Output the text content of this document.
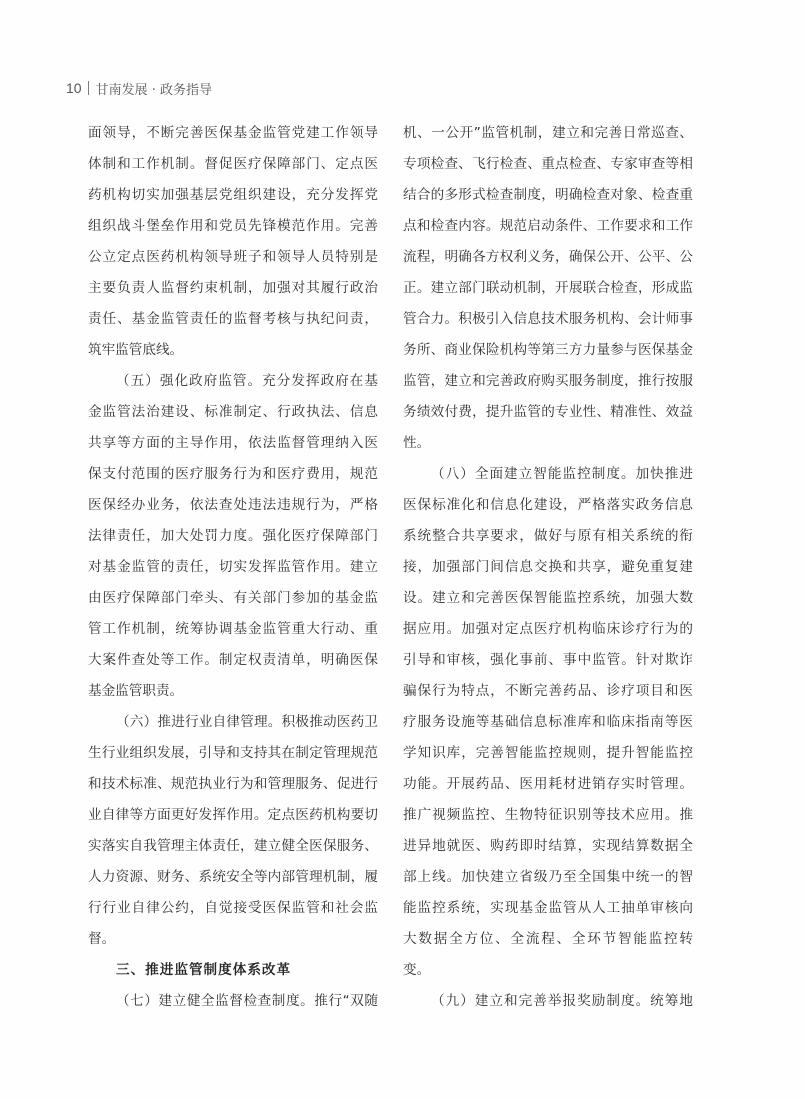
10 甘南发展 · 政务指导
面领导，不断完善医保基金监管党建工作领导
体制和工作机制。督促医疗保障部门、定点医
药机构切实加强基层党组织建设，充分发挥党
组织战斗堡垒作用和党员先锋模范作用。完善
公立定点医药机构领导班子和领导人员特别是
主要负责人监督约束机制，加强对其履行政治
责任、基金监管责任的监督考核与执纪问责，
筑牢监管底线。
（五）强化政府监管。充分发挥政府在基
金监管法治建设、标准制定、行政执法、信息
共享等方面的主导作用，依法监督管理纳入医
保支付范围的医疗服务行为和医疗费用，规范
医保经办业务，依法查处违法违规行为，严格
法律责任，加大处罚力度。强化医疗保障部门
对基金监管的责任，切实发挥监管作用。建立
由医疗保障部门牵头、有关部门参加的基金监
管工作机制，统筹协调基金监管重大行动、重
大案件查处等工作。制定权责清单，明确医保
基金监管职责。
（六）推进行业自律管理。积极推动医药卫
生行业组织发展，引导和支持其在制定管理规范
和技术标准、规范执业行为和管理服务、促进行
业自律等方面更好发挥作用。定点医药机构要切
实落实自我管理主体责任，建立健全医保服务、
人力资源、财务、系统安全等内部管理机制，履
行行业自律公约，自觉接受医保监管和社会监
督。
三、推进监管制度体系改革
（七）建立健全监督检查制度。推行“双随
机、一公开”监管机制，建立和完善日常巡查、
专项检查、飞行检查、重点检查、专家审查等相
结合的多形式检查制度，明确检查对象、检查重
点和检查内容。规范启动条件、工作要求和工作
流程，明确各方权利义务，确保公开、公平、公
正。建立部门联动机制，开展联合检查，形成监
管合力。积极引入信息技术服务机构、会计师事
务所、商业保险机构等第三方力量参与医保基金
监管，建立和完善政府购买服务制度，推行按服
务绩效付费，提升监管的专业性、精准性、效益
性。
（八）全面建立智能监控制度。加快推进
医保标准化和信息化建设，严格落实政务信息
系统整合共享要求，做好与原有相关系统的衔
接，加强部门间信息交换和共享，避免重复建
设。建立和完善医保智能监控系统，加强大数
据应用。加强对定点医疗机构临床诊疗行为的
引导和审核，强化事前、事中监管。针对欺诈
骗保行为特点，不断完善药品、诊疗项目和医
疗服务设施等基础信息标准库和临床指南等医
学知识库，完善智能监控规则，提升智能监控
功能。开展药品、医用耗材进销存实时管理。
推广视频监控、生物特征识别等技术应用。推
进异地就医、购药即时结算，实现结算数据全
部上线。加快建立省级乃至全国集中统一的智
能监控系统，实现基金监管从人工抽单审核向
大数据全方位、全流程、全环节智能监控转
变。
（九）建立和完善举报奖励制度。统筹地
